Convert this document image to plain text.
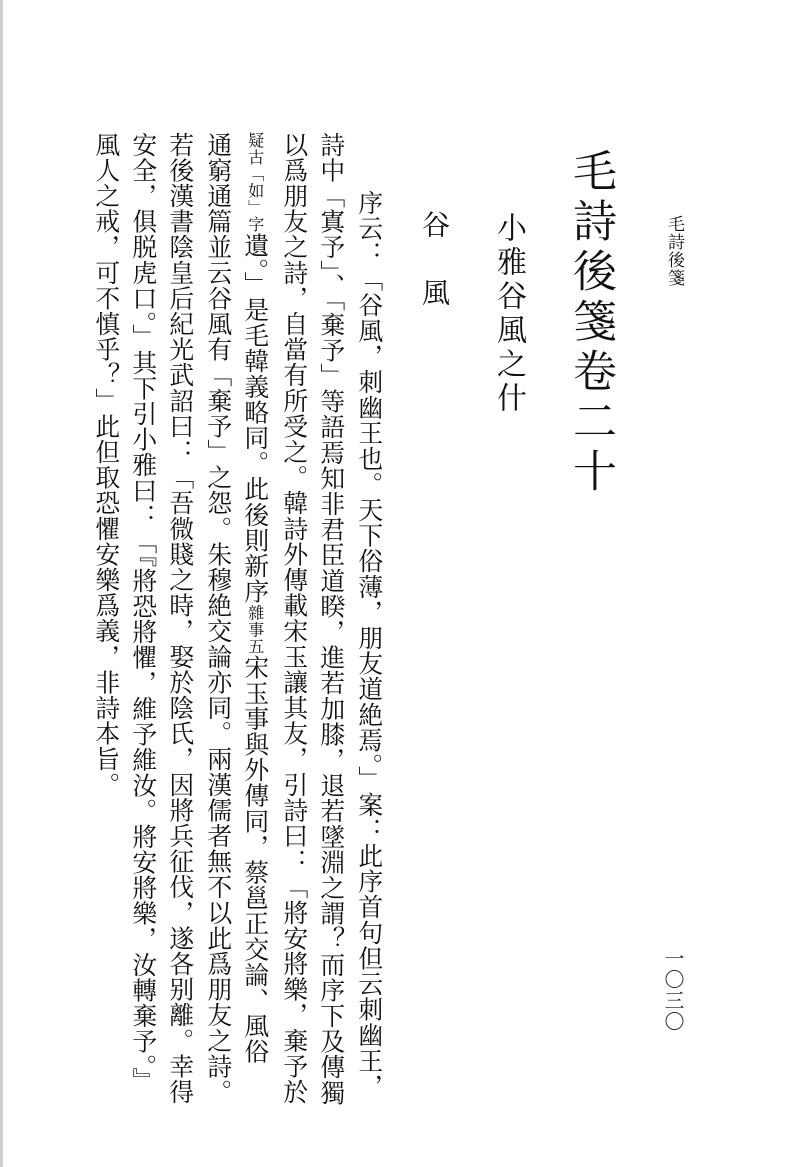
毛詩後箋
一〇三〇
毛詩後箋卷二十
小雅谷風之什
谷風
序云：「谷風，刺幽王也。天下俗薄，朋友道絶焉。」案：此序首句但云刺幽王，
詩中「寘予」、「棄予」等語焉知非君臣道睽，進若加膝，退若墜淵之謂？而序下及傳獨
以爲朋友之詩，自當有所受之。韓詩外傳載宋玉讓其友，引詩曰：「將安將樂，棄予於
疑古「如」字遺。」是毛韓義略同。此後則新序雜事五宋玉事與外傳同，蔡邕正交論、風俗
通窮通篇並云谷風有「棄予」之怨。朱穆絶交論亦同。兩漢儒者無不以此爲朋友之詩。
若後漢書陰皇后紀光武詔曰：「吾微賤之時，娶於陰氏，因將兵征伐，遂各别離。幸得
安全，俱脱虎口。」其下引小雅曰：「『將恐將懼，維予維汝。將安將樂，汝轉棄予。』
風人之戒，可不慎乎？」此但取恐懼安樂爲義，非詩本旨。
